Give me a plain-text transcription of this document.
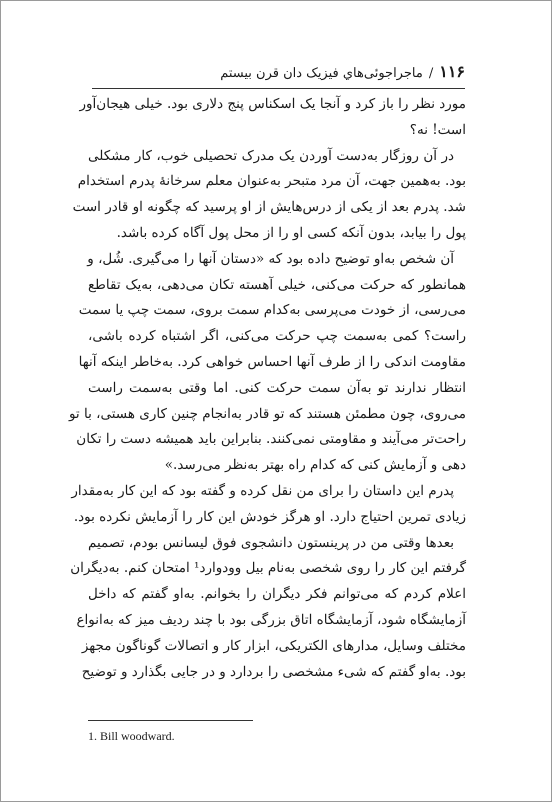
۱۱۶/ماجراجوئی‌هاي فيزيک‌ دان قرن بيستم
مورد نظر را باز کرد و آنجا یک اسکناس پنج دلاری بود. خیلی هیجان‌آور
است! نه؟
در آن روزگار به‌دست آوردن یک مدرک تحصیلی خوب، کار مشکلی
بود. به‌همین جهت، آن مرد متبحر به‌عنوان معلم سرخانهٔ پدرم استخدام
شد. پدرم بعد از یکی از درس‌هایش از او پرسید که چگونه او قادر است
پول را بیابد، بدون آنکه کسی او را از محل پول آگاه کرده باشد.
آن شخص به‌او توضیح داده بود که «دستان آنها را می‌گیری. شُل، و
همانطور که حرکت می‌کنی، خیلی آهسته تکان می‌دهی، به‌یک تقاطع
می‌رسی، از خودت می‌پرسی به‌کدام سمت بروی، سمت چپ یا سمت
راست؟ کمی به‌سمت چپ حرکت می‌کنی، اگر اشتباه کرده باشی،
مقاومت اندکی را از طرف آنها احساس خواهی کرد. به‌خاطر اینکه آنها
انتظار ندارند تو به‌آن سمت حرکت کنی. اما وقتی به‌سمت راست
می‌روی، چون مطمئن هستند که تو قادر به‌انجام چنین کاری هستی، با تو
راحت‌تر می‌آیند و مقاومتی نمی‌کنند. بنابراین باید همیشه دست را تکان
دهی و آزمایش کنی که کدام راه بهتر به‌نظر می‌رسد.»
پدرم این داستان را برای من نقل کرده و گفته بود که این کار به‌مقدار
زیادی تمرین احتیاج دارد. او هرگز خودش این کار را آزمایش نکرده بود.
بعدها وقتی من در پرینستون دانشجوی فوق لیسانس بودم، تصمیم
گرفتم این کار را روی شخصی به‌نام بیل وودوارد¹ امتحان کنم. به‌دیگران
اعلام کردم که می‌توانم فکر دیگران را بخوانم. به‌او گفتم که داخل
آزمایشگاه شود، آزمایشگاه اتاق بزرگی بود با چند ردیف میز که به‌انواع
مختلف وسایل، مدارهای الکتریکی، ابزار کار و اتصالات گوناگون مجهز
بود. به‌او گفتم که شیء مشخصی را بردارد و در جایی بگذارد و توضیح
1. Bill woodward.
